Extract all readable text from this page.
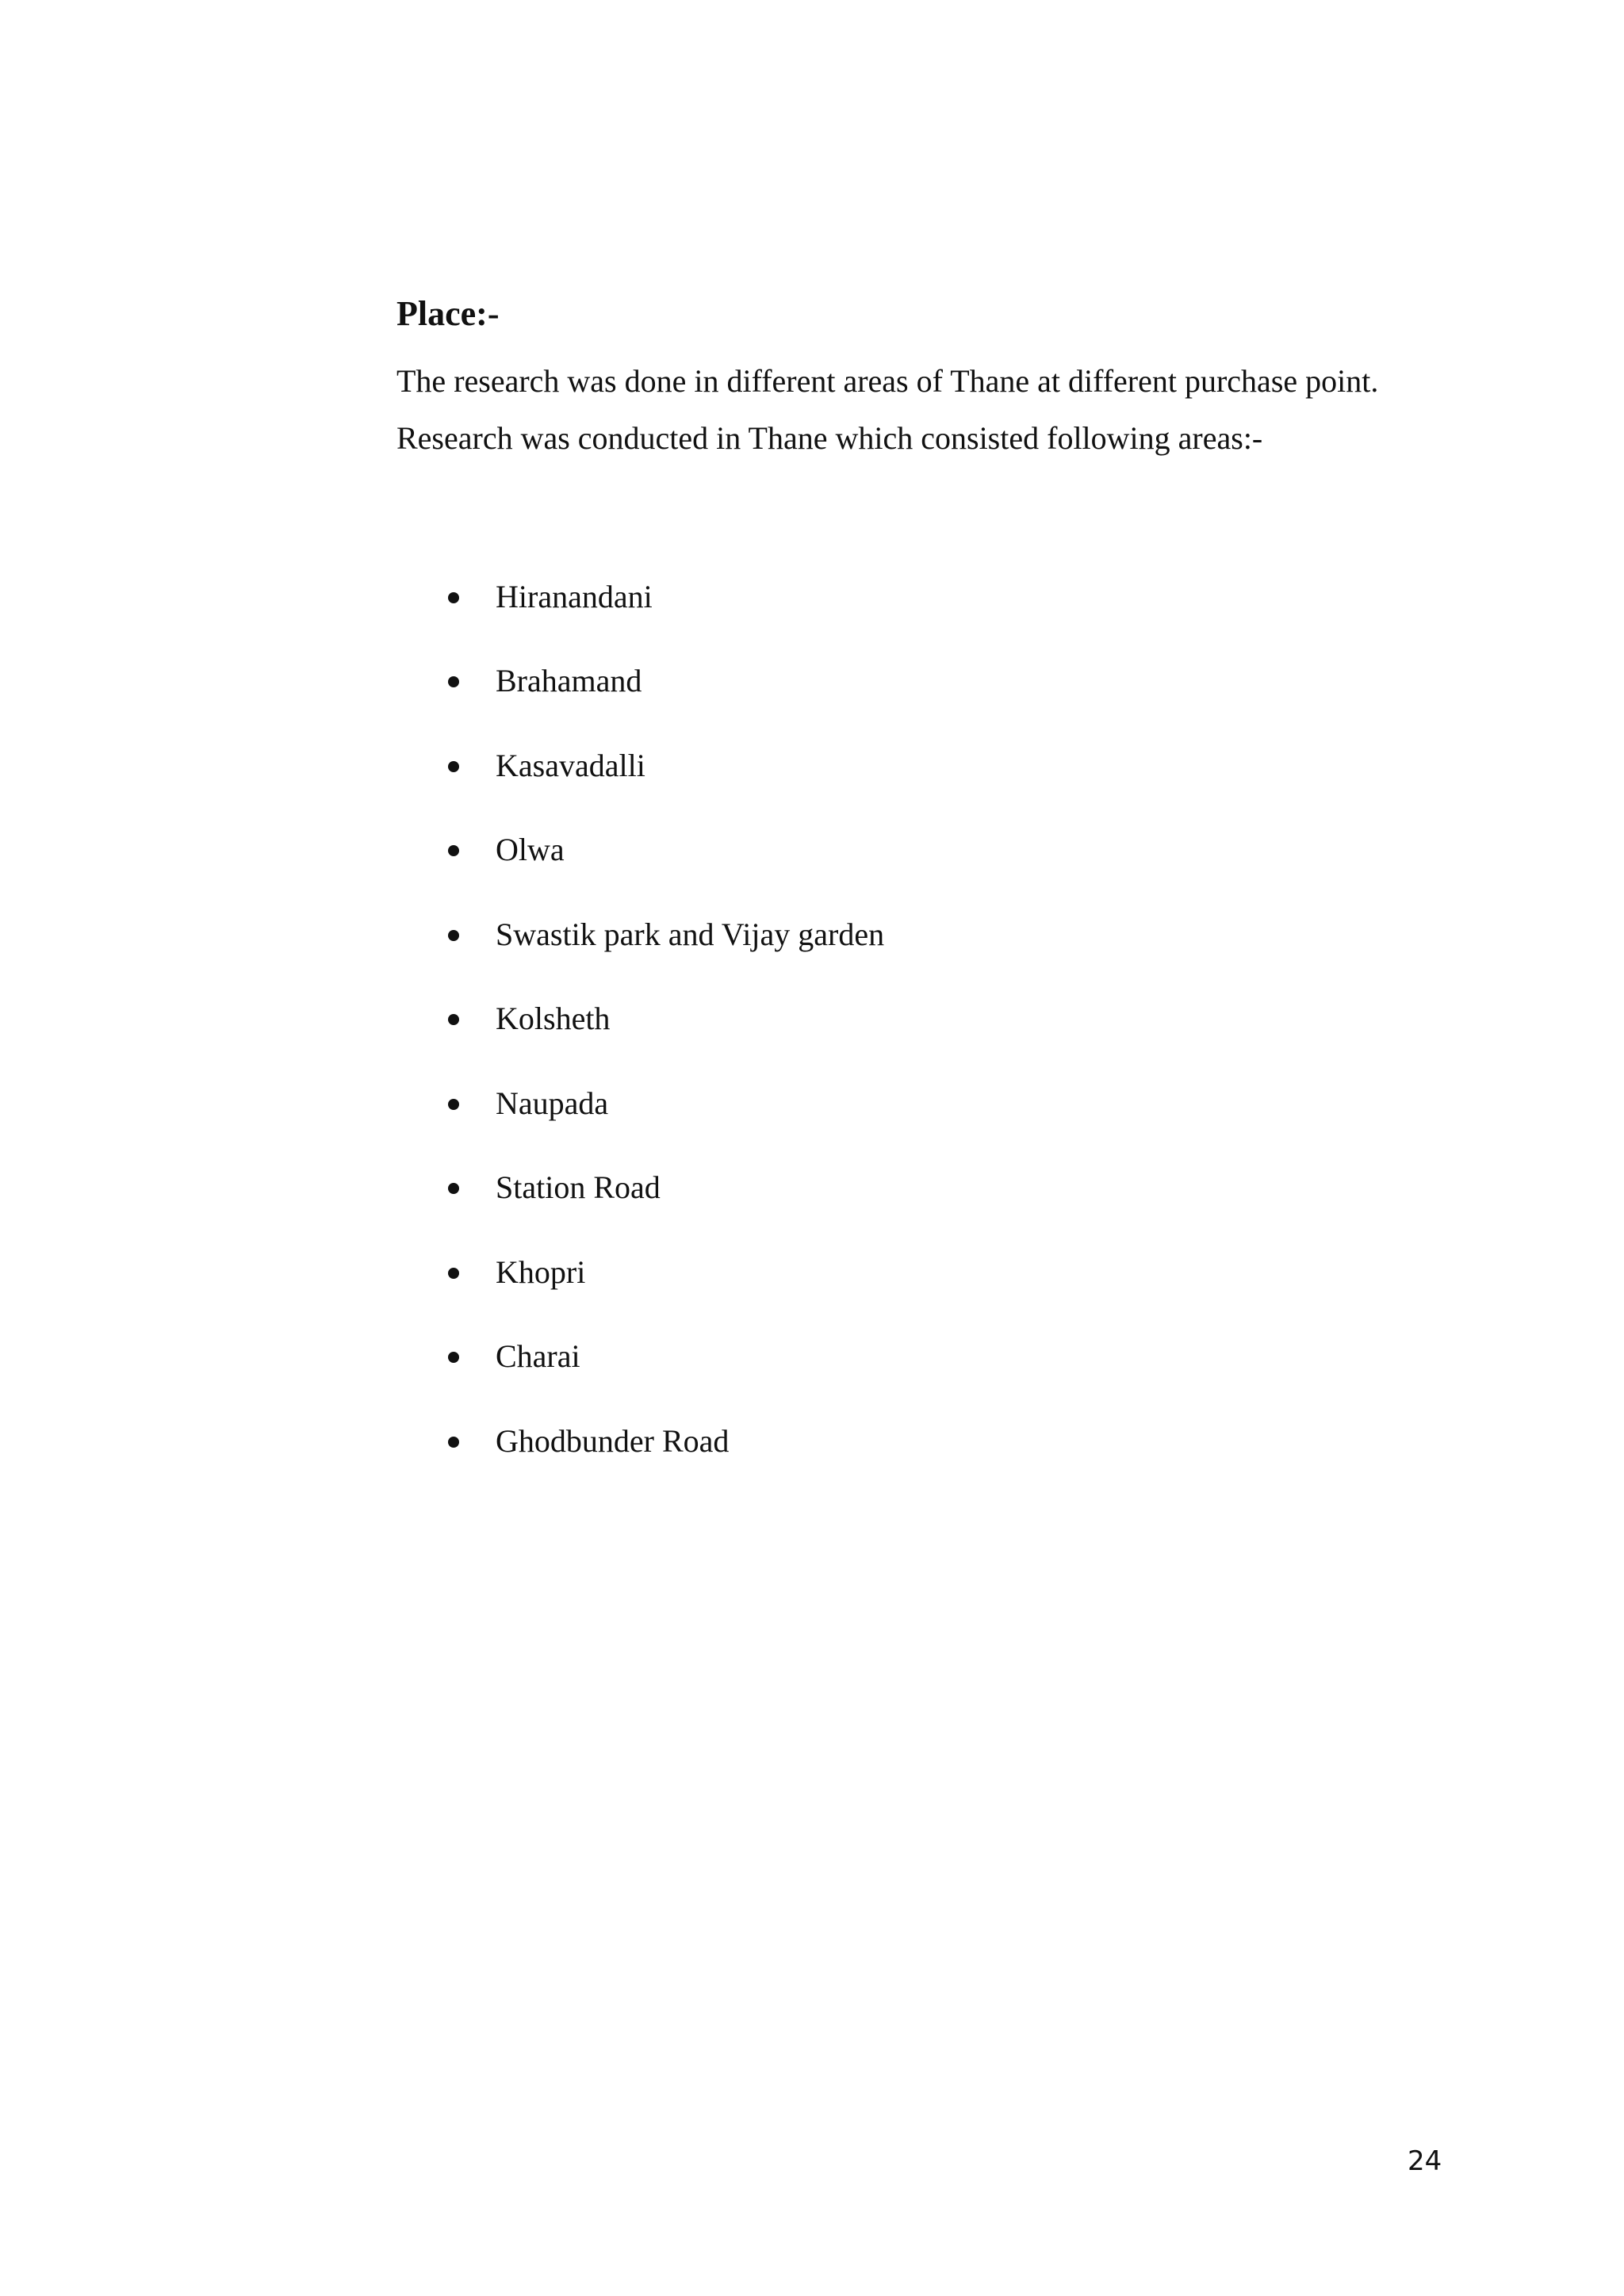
Place:-

The research was done in different areas of Thane at different purchase point.

Research was conducted in Thane which consisted following areas:-

Hiranandani
Brahamand
Kasavadalli
Olwa
Swastik park and Vijay garden
Kolsheth
Naupada
Station Road
Khopri
Charai
Ghodbunder Road
24
